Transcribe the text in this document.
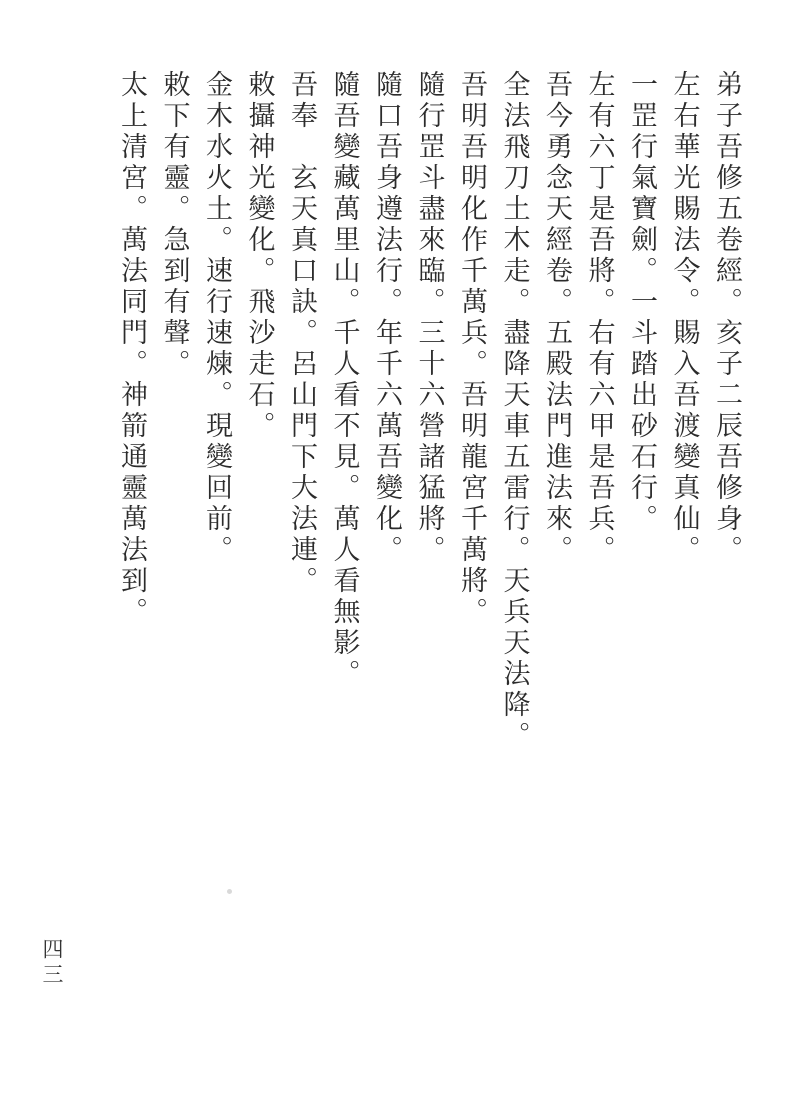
弟子吾修五卷經。亥子二辰吾修身。
左右華光賜法令。賜入吾渡變真仙。
一罡行氣寶劍。一斗踏出砂石行。
左有六丁是吾將。右有六甲是吾兵。
吾今勇念天經卷。五殿法門進法來。
全法飛刀土木走。盡降天車五雷行。天兵天法降。
吾明吾明化作千萬兵。吾明龍宮千萬將。
隨行罡斗盡來臨。三十六營諸猛將。
隨口吾身遵法行。年千六萬吾變化。
隨吾變藏萬里山。千人看不見。萬人看無影。
吾奉　玄天真口訣。呂山門下大法連。
敕攝神光變化。飛沙走石。
金木水火土。速行速煉。現變回前。
敕下有靈。急到有聲。
太上清宮。萬法同門。神箭通靈萬法到。
四三
